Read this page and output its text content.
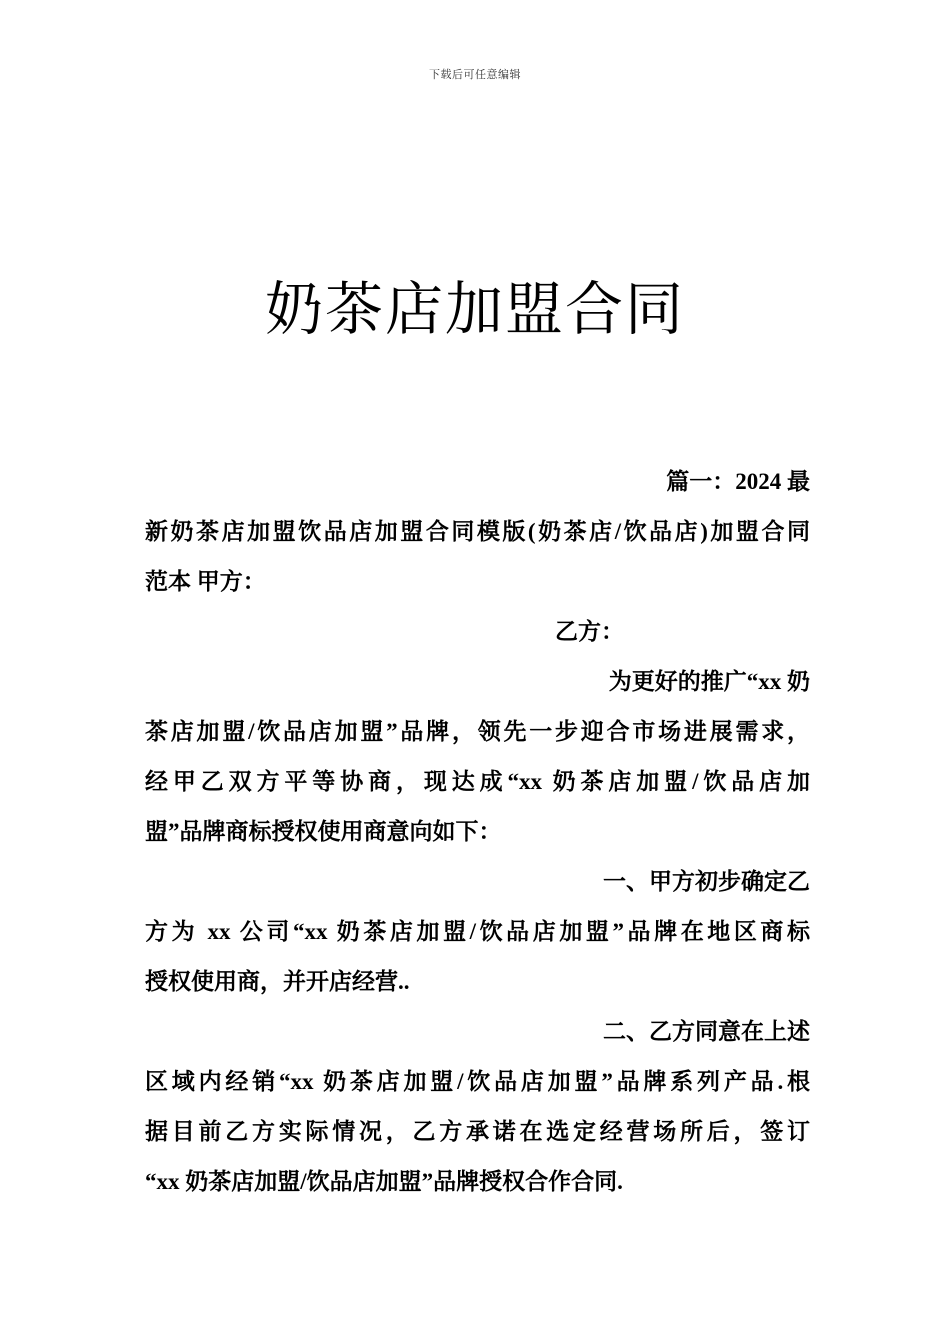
下载后可任意编辑
奶茶店加盟合同
篇一：2024 最
新奶茶店加盟饮品店加盟合同模版(奶茶店/饮品店)加盟合同
范本 甲方：
乙方：
为更好的推广“xx 奶
茶店加盟/饮品店加盟”品牌，领先一步迎合市场进展需求，
经甲乙双方平等协商，现达成“xx 奶茶店加盟/饮品店加
盟”品牌商标授权使用商意向如下：
一、甲方初步确定乙
方为 xx 公司“xx 奶茶店加盟/饮品店加盟”品牌在地区商标
授权使用商，并开店经营..
二、乙方同意在上述
区域内经销“xx 奶茶店加盟/饮品店加盟”品牌系列产品.根
据目前乙方实际情况，乙方承诺在选定经营场所后，签订
“xx 奶茶店加盟/饮品店加盟”品牌授权合作合同.
